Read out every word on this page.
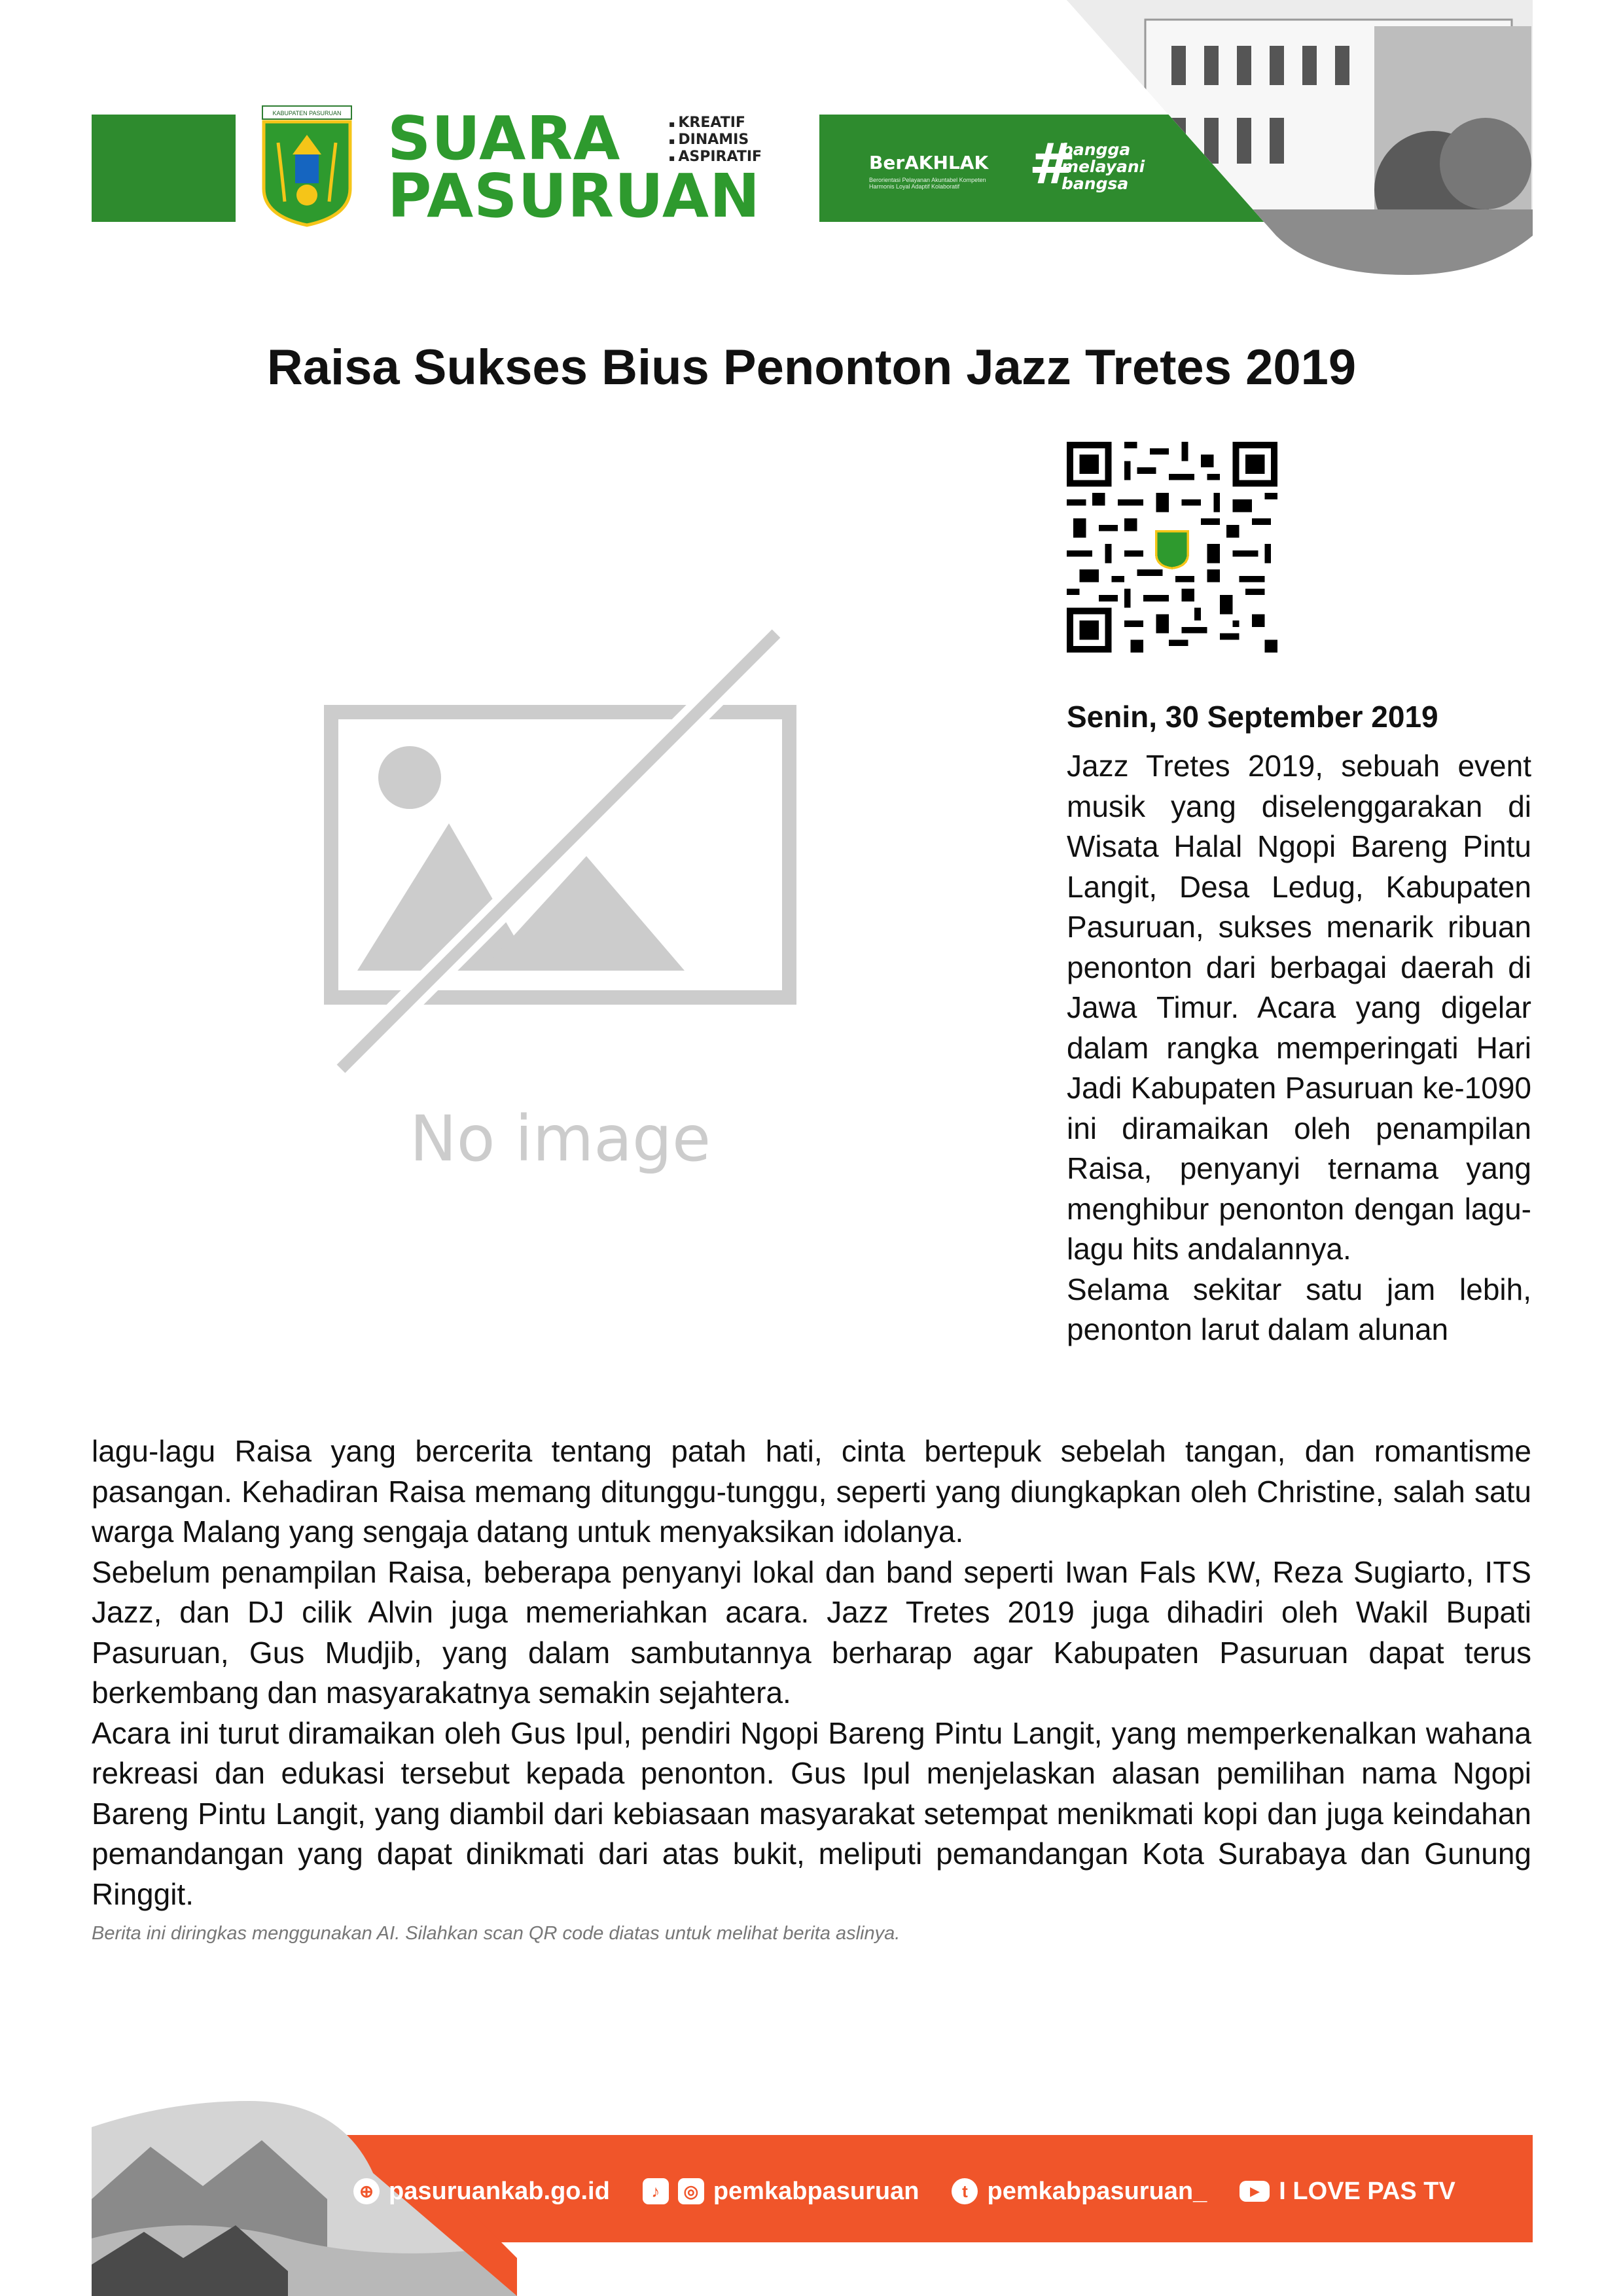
KABUPATEN PASURUAN SUARA
PASURUAN
▪ KREATIF
▪ DINAMIS
▪ ASPIRATIF	BerAKHLAK
Berorientasi Pelayanan Akuntabel Kompeten Harmonis Loyal Adaptif Kolaboratif	#
bangga
melayani
bangsa
Raisa Sukses Bius Penonton Jazz Tretes 2019
No image
Senin, 30 September 2019

Jazz Tretes 2019, sebuah event musik yang diselenggarakan di Wisata Halal Ngopi Bareng Pintu Langit, Desa Ledug, Kabupaten Pasuruan, sukses menarik ribuan penonton dari berbagai daerah di Jawa Timur. Acara yang digelar dalam rangka memperingati Hari Jadi Kabupaten Pasuruan ke-1090 ini diramaikan oleh penampilan Raisa, penyanyi ternama yang menghibur penonton dengan lagu-lagu hits andalannya.

Selama sekitar satu jam lebih, penonton larut dalam alunan

lagu-lagu Raisa yang bercerita tentang patah hati, cinta bertepuk sebelah tangan, dan romantisme pasangan. Kehadiran Raisa memang ditunggu-tunggu, seperti yang diungkapkan oleh Christine, salah satu warga Malang yang sengaja datang untuk menyaksikan idolanya.

Sebelum penampilan Raisa, beberapa penyanyi lokal dan band seperti Iwan Fals KW, Reza Sugiarto, ITS Jazz, dan DJ cilik Alvin juga memeriahkan acara. Jazz Tretes 2019 juga dihadiri oleh Wakil Bupati Pasuruan, Gus Mudjib, yang dalam sambutannya berharap agar Kabupaten Pasuruan dapat terus berkembang dan masyarakatnya semakin sejahtera.

Acara ini turut diramaikan oleh Gus Ipul, pendiri Ngopi Bareng Pintu Langit, yang memperkenalkan wahana rekreasi dan edukasi tersebut kepada penonton. Gus Ipul menjelaskan alasan pemilihan nama Ngopi Bareng Pintu Langit, yang diambil dari kebiasaan masyarakat setempat menikmati kopi dan juga keindahan pemandangan yang dapat dinikmati dari atas bukit, meliputi pemandangan Kota Surabaya dan Gunung Ringgit.

Berita ini diringkas menggunakan AI. Silahkan scan QR code diatas untuk melihat berita aslinya.
⊕ pasuruankab.go.id	♪	◎ pemkabpasuruan	t pemkabpasuruan_	▶ I LOVE PAS TV
